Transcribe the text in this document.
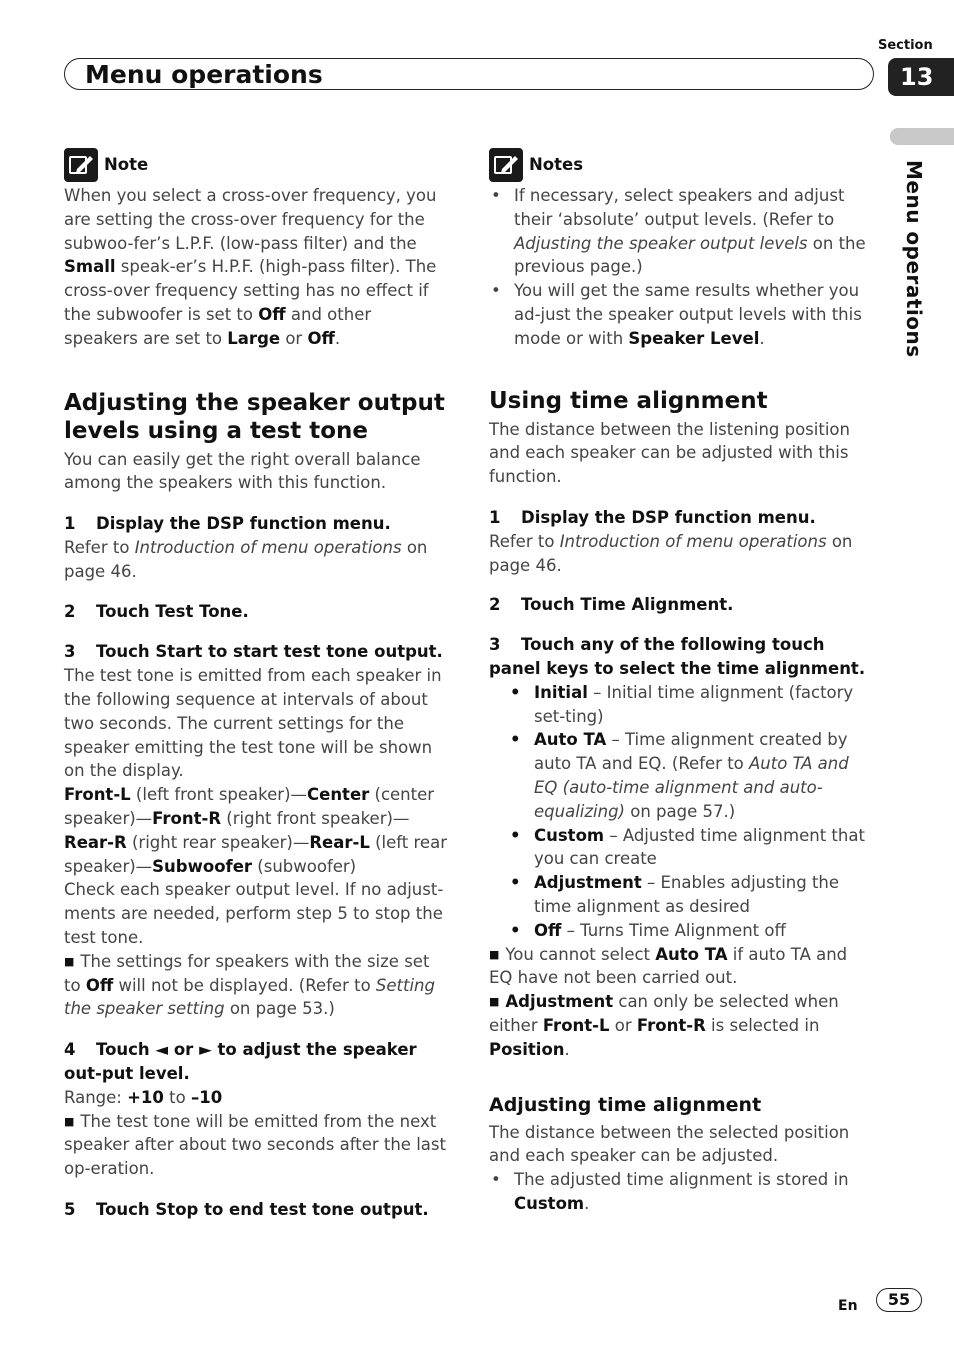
Section
Menu operations	13
Menu operations
Note

When you select a cross-over frequency, you are setting the cross-over frequency for the subwoo-fer’s L.P.F. (low-pass filter) and the Small speak-er’s H.P.F. (high-pass filter). The cross-over frequency setting has no effect if the subwoofer is set to Off and other speakers are set to Large or Off.

Adjusting the speaker output levels using a test tone

You can easily get the right overall balance among the speakers with this function.

1 Display the DSP function menu.

Refer to Introduction of menu operations on page 46.

2 Touch Test Tone.

3 Touch Start to start test tone output.

The test tone is emitted from each speaker in the following sequence at intervals of about two seconds. The current settings for the speaker emitting the test tone will be shown on the display.

Front-L (left front speaker)—Center (center speaker)—Front-R (right front speaker)—Rear-R (right rear speaker)—Rear-L (left rear speaker)—Subwoofer (subwoofer)

Check each speaker output level. If no adjust-ments are needed, perform step 5 to stop the test tone.

■ The settings for speakers with the size set to Off will not be displayed. (Refer to Setting the speaker setting on page 53.)

4 Touch ◄ or ► to adjust the speaker out-put level.

Range: +10 to –10

■ The test tone will be emitted from the next speaker after about two seconds after the last op-eration.

5 Touch Stop to end test tone output.

Notes
• If necessary, select speakers and adjust their ‘absolute’ output levels. (Refer to Adjusting the speaker output levels on the previous page.)
• You will get the same results whether you ad-just the speaker output levels with this mode or with Speaker Level.
Using time alignment

The distance between the listening position and each speaker can be adjusted with this function.

1 Display the DSP function menu.

Refer to Introduction of menu operations on page 46.

2 Touch Time Alignment.

3 Touch any of the following touch panel keys to select the time alignment.

• Initial – Initial time alignment (factory set-ting)
• Auto TA – Time alignment created by auto TA and EQ. (Refer to Auto TA and EQ (auto-time alignment and auto-equalizing) on page 57.)
• Custom – Adjusted time alignment that you can create
• Adjustment – Enables adjusting the time alignment as desired
• Off – Turns Time Alignment off

■ You cannot select Auto TA if auto TA and EQ have not been carried out.

■ Adjustment can only be selected when either Front-L or Front-R is selected in Position.

Adjusting time alignment

The distance between the selected position and each speaker can be adjusted.

• The adjusted time alignment is stored in Custom.
En	55
